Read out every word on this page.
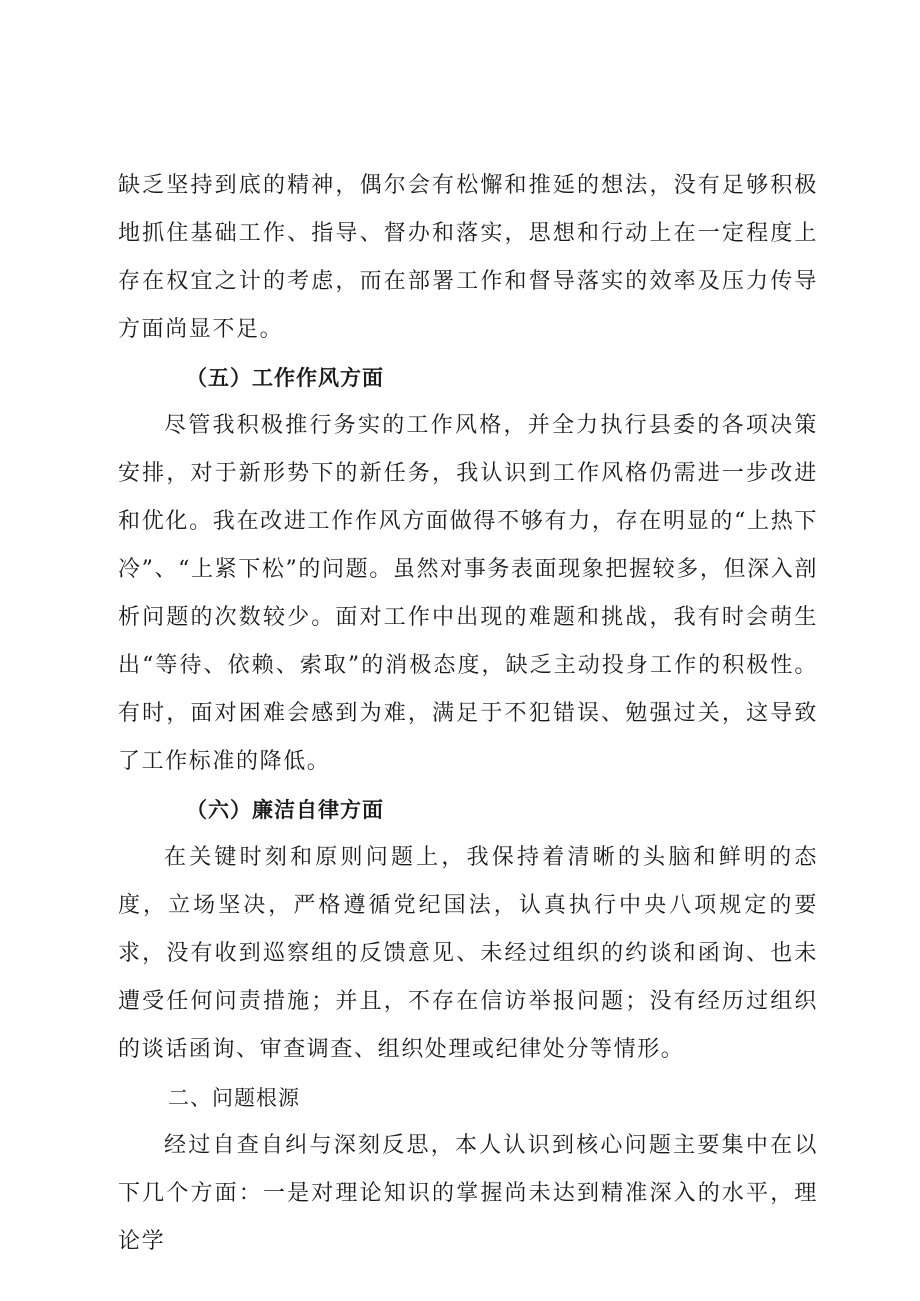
缺乏坚持到底的精神，偶尔会有松懈和推延的想法，没有足够积极地抓住基础工作、指导、督办和落实，思想和行动上在一定程度上存在权宜之计的考虑，而在部署工作和督导落实的效率及压力传导方面尚显不足。

（五）工作作风方面

尽管我积极推行务实的工作风格，并全力执行县委的各项决策安排，对于新形势下的新任务，我认识到工作风格仍需进一步改进和优化。我在改进工作作风方面做得不够有力，存在明显的“上热下冷”、“上紧下松”的问题。虽然对事务表面现象把握较多，但深入剖析问题的次数较少。面对工作中出现的难题和挑战，我有时会萌生出“等待、依赖、索取”的消极态度，缺乏主动投身工作的积极性。有时，面对困难会感到为难，满足于不犯错误、勉强过关，这导致了工作标准的降低。

（六）廉洁自律方面

在关键时刻和原则问题上，我保持着清晰的头脑和鲜明的态度，立场坚决，严格遵循党纪国法，认真执行中央八项规定的要求，没有收到巡察组的反馈意见、未经过组织的约谈和函询、也未遭受任何问责措施；并且，不存在信访举报问题；没有经历过组织的谈话函询、审查调查、组织处理或纪律处分等情形。

二、问题根源

经过自查自纠与深刻反思，本人认识到核心问题主要集中在以下几个方面：一是对理论知识的掌握尚未达到精准深入的水平，理论学
